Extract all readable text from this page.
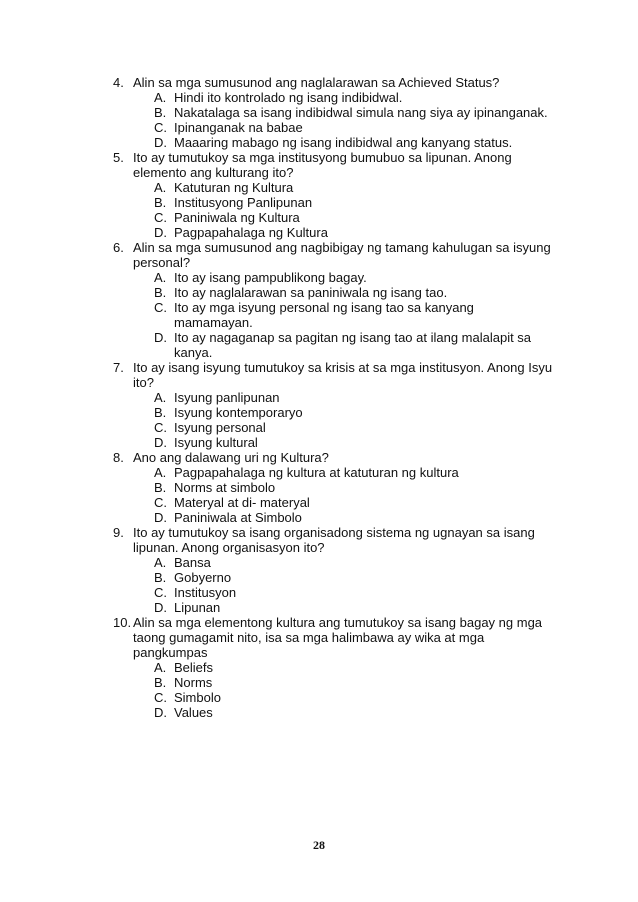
4. Alin sa mga sumusunod ang naglalarawan sa Achieved Status?
A. Hindi ito kontrolado ng isang indibidwal.
B. Nakatalaga sa isang indibidwal simula nang siya ay ipinanganak.
C. Ipinanganak na babae
D. Maaaring mabago ng isang indibidwal ang kanyang status.
5. Ito ay tumutukoy sa mga institusyong bumubuo sa lipunan. Anong elemento ang kulturang ito?
A. Katuturan ng Kultura
B. Institusyong Panlipunan
C. Paniniwala ng Kultura
D. Pagpapahalaga ng Kultura
6. Alin sa mga sumusunod ang nagbibigay ng tamang kahulugan sa isyung personal?
A. Ito ay isang pampublikong bagay.
B. Ito ay naglalarawan sa paniniwala ng isang tao.
C. Ito ay mga isyung personal ng isang tao sa kanyang mamamayan.
D. Ito ay nagaganap sa pagitan ng isang tao at ilang malalapit sa kanya.
7. Ito ay isang isyung tumutukoy sa krisis at sa mga institusyon. Anong Isyu ito?
A. Isyung panlipunan
B. Isyung kontemporaryo
C. Isyung personal
D. Isyung kultural
8. Ano ang dalawang uri ng Kultura?
A. Pagpapahalaga ng kultura at katuturan ng kultura
B. Norms at simbolo
C. Materyal at di- materyal
D. Paniniwala at Simbolo
9. Ito ay tumutukoy sa isang organisadong sistema ng ugnayan sa isang lipunan. Anong organisasyon ito?
A. Bansa
B. Gobyerno
C. Institusyon
D. Lipunan
10. Alin sa mga elementong kultura ang tumutukoy sa isang bagay ng mga taong gumagamit nito, isa sa mga halimbawa ay wika at mga pangkumpas
A. Beliefs
B. Norms
C. Simbolo
D. Values
28
